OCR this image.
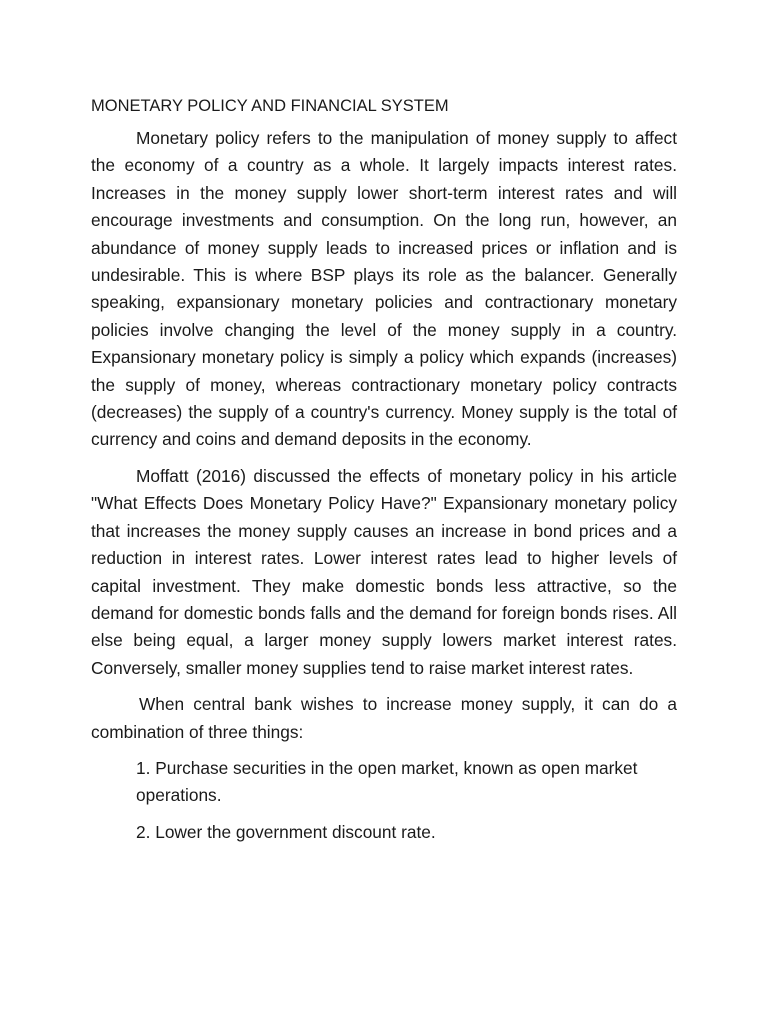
MONETARY POLICY AND FINANCIAL SYSTEM

Monetary policy refers to the manipulation of money supply to affect the economy of a country as a whole. It largely impacts interest rates. Increases in the money supply lower short-term interest rates and will encourage investments and consumption. On the long run, however, an abundance of money supply leads to increased prices or inflation and is undesirable. This is where BSP plays its role as the balancer. Generally speaking, expansionary monetary policies and contractionary monetary policies involve changing the level of the money supply in a country. Expansionary monetary policy is simply a policy which expands (increases) the supply of money, whereas contractionary monetary policy contracts (decreases) the supply of a country's currency. Money supply is the total of currency and coins and demand deposits in the economy.

Moffatt (2016) discussed the effects of monetary policy in his article "What Effects Does Monetary Policy Have?" Expansionary monetary policy that increases the money supply causes an increase in bond prices and a reduction in interest rates. Lower interest rates lead to higher levels of capital investment. They make domestic bonds less attractive, so the demand for domestic bonds falls and the demand for foreign bonds rises. All else being equal, a larger money supply lowers market interest rates. Conversely, smaller money supplies tend to raise market interest rates.

When central bank wishes to increase money supply, it can do a combination of three things:

1. Purchase securities in the open market, known as open market operations.
2. Lower the government discount rate.
